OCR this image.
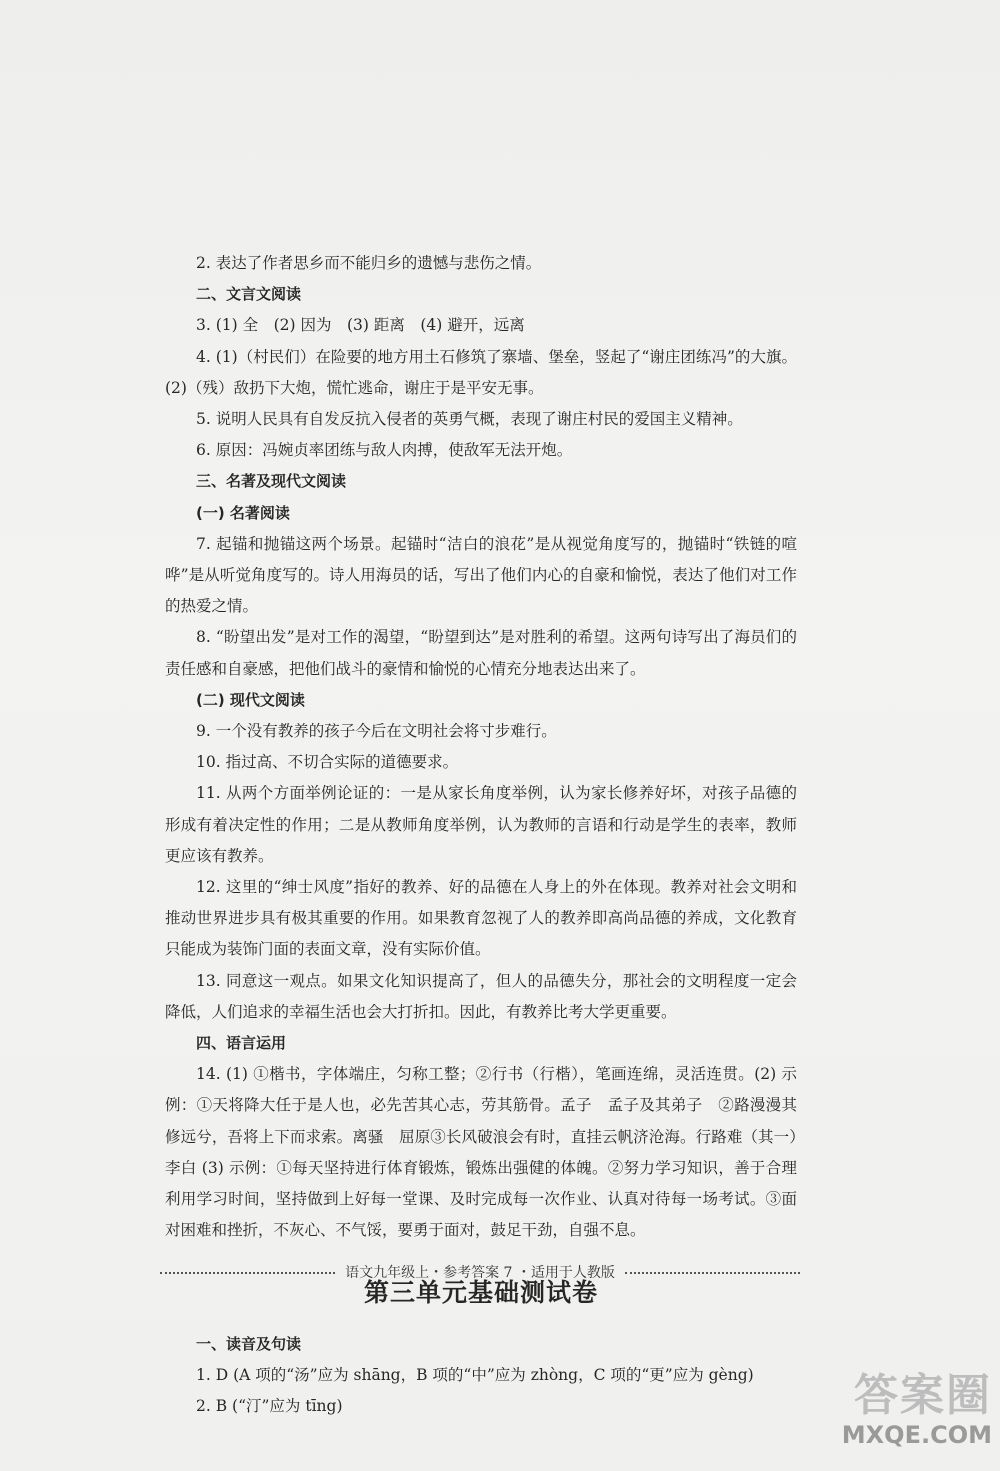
2. 表达了作者思乡而不能归乡的遗憾与悲伤之情。

二、文言文阅读

3. (1) 全　(2) 因为　(3) 距离　(4) 避开，远离

4. (1)（村民们）在险要的地方用土石修筑了寨墙、堡垒，竖起了“谢庄团练冯”的大旗。(2)（残）敌扔下大炮，慌忙逃命，谢庄于是平安无事。

5. 说明人民具有自发反抗入侵者的英勇气概，表现了谢庄村民的爱国主义精神。

6. 原因：冯婉贞率团练与敌人肉搏，使敌军无法开炮。

三、名著及现代文阅读

(一) 名著阅读

7. 起锚和抛锚这两个场景。起锚时“洁白的浪花”是从视觉角度写的，抛锚时“铁链的喧哗”是从听觉角度写的。诗人用海员的话，写出了他们内心的自豪和愉悦，表达了他们对工作的热爱之情。

8. “盼望出发”是对工作的渴望，“盼望到达”是对胜利的希望。这两句诗写出了海员们的责任感和自豪感，把他们战斗的豪情和愉悦的心情充分地表达出来了。

(二) 现代文阅读

9. 一个没有教养的孩子今后在文明社会将寸步难行。

10. 指过高、不切合实际的道德要求。

11. 从两个方面举例论证的：一是从家长角度举例，认为家长修养好坏，对孩子品德的形成有着决定性的作用；二是从教师角度举例，认为教师的言语和行动是学生的表率，教师更应该有教养。

12. 这里的“绅士风度”指好的教养、好的品德在人身上的外在体现。教养对社会文明和推动世界进步具有极其重要的作用。如果教育忽视了人的教养即高尚品德的养成，文化教育只能成为装饰门面的表面文章，没有实际价值。

13. 同意这一观点。如果文化知识提高了，但人的品德失分，那社会的文明程度一定会降低，人们追求的幸福生活也会大打折扣。因此，有教养比考大学更重要。

四、语言运用

14. (1) ①楷书，字体端庄，匀称工整；②行书（行楷），笔画连绵，灵活连贯。(2) 示例：①天将降大任于是人也，必先苦其心志，劳其筋骨。孟子　孟子及其弟子　②路漫漫其修远兮，吾将上下而求索。离骚　屈原③长风破浪会有时，直挂云帆济沧海。行路难（其一）　李白 (3) 示例：①每天坚持进行体育锻炼，锻炼出强健的体魄。②努力学习知识，善于合理利用学习时间，坚持做到上好每一堂课、及时完成每一次作业、认真对待每一场考试。③面对困难和挫折，不灰心、不气馁，要勇于面对，鼓足干劲，自强不息。

第三单元基础测试卷

一、读音及句读

1. D (A 项的“汤”应为 shāng，B 项的“中”应为 zhòng，C 项的“更”应为 gèng)

2. B (“汀”应为 tīng)

语文九年级上・参考答案 7 ・适用于人教版
答案圈
MXQE.COM
